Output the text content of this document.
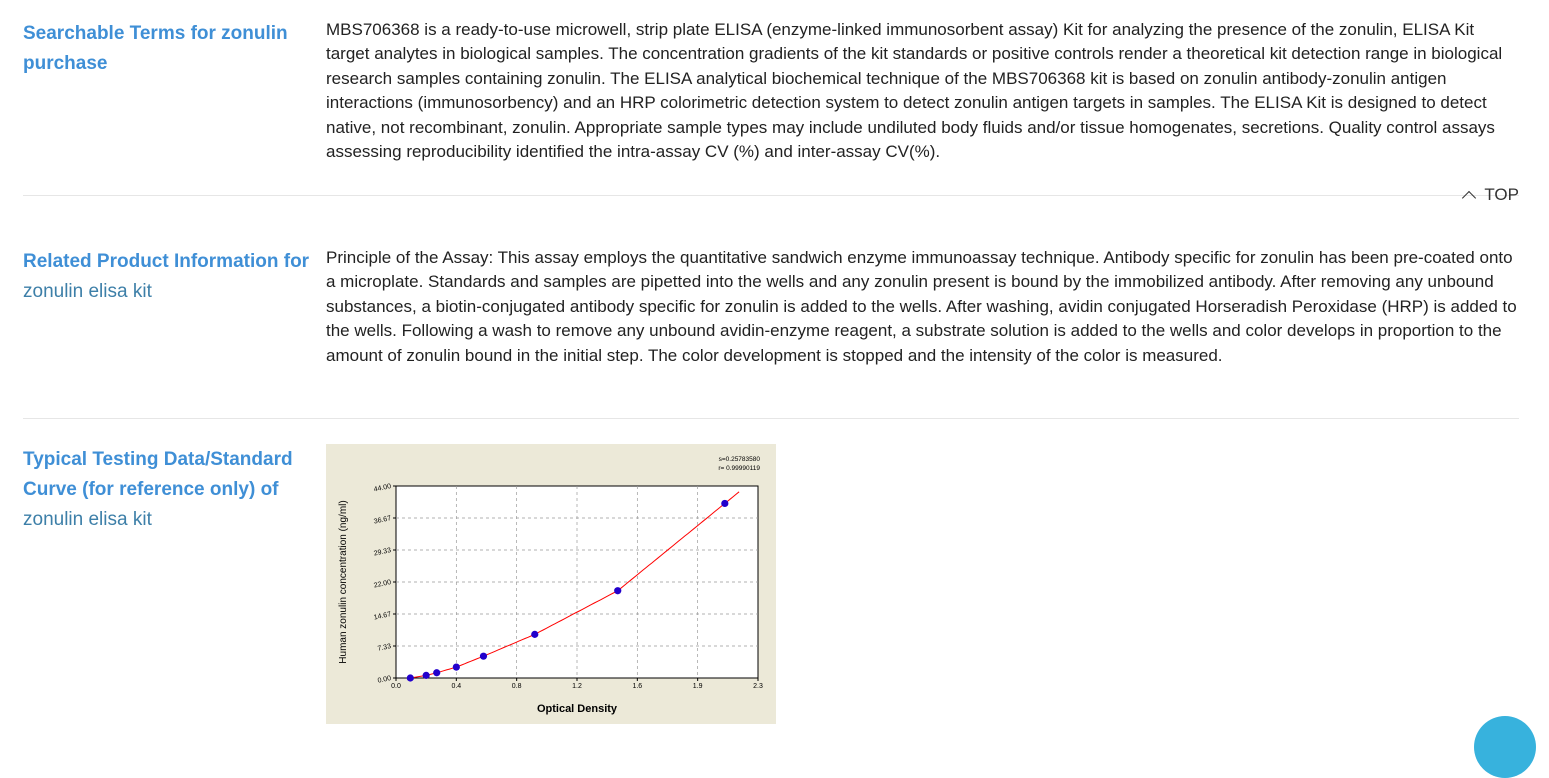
Searchable Terms for zonulin purchase
MBS706368 is a ready-to-use microwell, strip plate ELISA (enzyme-linked immunosorbent assay) Kit for analyzing the presence of the zonulin, ELISA Kit target analytes in biological samples. The concentration gradients of the kit standards or positive controls render a theoretical kit detection range in biological research samples containing zonulin. The ELISA analytical biochemical technique of the MBS706368 kit is based on zonulin antibody-zonulin antigen interactions (immunosorbency) and an HRP colorimetric detection system to detect zonulin antigen targets in samples. The ELISA Kit is designed to detect native, not recombinant, zonulin. Appropriate sample types may include undiluted body fluids and/or tissue homogenates, secretions. Quality control assays assessing reproducibility identified the intra-assay CV (%) and inter-assay CV(%).
TOP
Related Product Information for
zonulin elisa kit
Principle of the Assay: This assay employs the quantitative sandwich enzyme immunoassay technique. Antibody specific for zonulin has been pre-coated onto a microplate. Standards and samples are pipetted into the wells and any zonulin present is bound by the immobilized antibody. After removing any unbound substances, a biotin-conjugated antibody specific for zonulin is added to the wells. After washing, avidin conjugated Horseradish Peroxidase (HRP) is added to the wells. Following a wash to remove any unbound avidin-enzyme reagent, a substrate solution is added to the wells and color develops in proportion to the amount of zonulin bound in the initial step. The color development is stopped and the intensity of the color is measured.
Typical Testing Data/Standard Curve (for reference only) of
zonulin elisa kit
0.0	0.4	0.8	1.2	1.6	1.9	2.3
0.00
7.33
14.67
22.00
29.33
36.67
44.00
Optical Density
Human zonulin concentration (ng/ml)
s=0.25783580
r= 0.99990119
